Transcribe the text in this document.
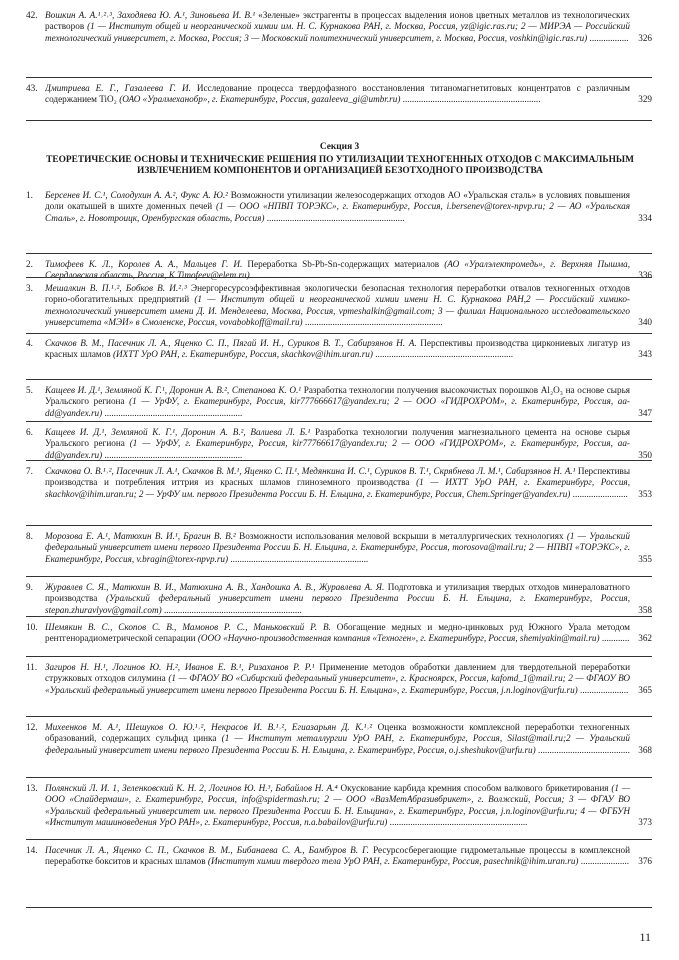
42. Вошкин А. А.¹˒²˒³, Заходяева Ю. А.¹, Зиновьева И. В.¹ «Зеленые» экстрагенты в процессах выделения ионов цветных металлов из технологических растворов (1 — Институт общей и неорганической химии им. Н. С. Курнакова РАН, г. Москва, Россия, yz@igic.ras.ru; 2 — МИРЭА — Российский технологический университет, г. Москва, Россия; 3 — Московский политехнический университет, г. Москва, Россия, voshkin@igic.ras.ru) .................	326
43. Дмитриева Е. Г., Газалеева Г. И. Исследование процесса твердофазного восстановления титаномагнетитовых концентратов с различным содержанием TiO₂ (ОАО «Уралмеханобр», г. Екатеринбург, Россия, gazaleeva_gi@umbr.ru) ............................................................	329
Секция 3
ТЕОРЕТИЧЕСКИЕ ОСНОВЫ И ТЕХНИЧЕСКИЕ РЕШЕНИЯ ПО УТИЛИЗАЦИИ ТЕХНОГЕННЫХ ОТХОДОВ С МАКСИМАЛЬНЫМ ИЗВЛЕЧЕНИЕМ КОМПОНЕНТОВ И ОРГАНИЗАЦИЕЙ БЕЗОТХОДНОГО ПРОИЗВОДСТВА
1.	Берсенев И. С.¹, Солодухин А. А.², Фукс А. Ю.² Возможности утилизации железосодержащих отходов АО «Уральская сталь» в условиях повышения доли окатышей в шихте доменных печей (1 — ООО «НПВП ТОРЭКС», г. Екатеринбург, Россия, i.bersenev@torex-npvp.ru; 2 — АО «Уральская Сталь», г. Новотроицк, Оренбургская область, Россия) ............................................................	334
2.	Тимофеев К. Л., Королев А. А., Мальцев Г. И. Переработка Sb-Pb-Sn-содержащих материалов (АО «Уралэлектромедь», г. Верхняя Пышма, Свердловская область, Россия, K.Timofeev@elem.ru) ............................................................	336
3.	Мешалкин В. П.¹˒², Бобков В. И.²˒³ Энергоресурсоэффективная экологически безопасная технология переработки отвалов техногенных отходов горно-обогатительных предприятий (1 — Институт общей и неорганической химии имени Н. С. Курнакова РАН,2 — Российский химико-технологический университет имени Д. И. Менделеева, Москва, Россия, vpmeshalkin@gmail.com; 3 — филиал Национального исследовательского университета «МЭИ» в Смоленске, Россия, vovabobkoff@mail.ru) ............................................................	340
4.	Скачков В. М., Пасечник Л. А., Яценко С. П., Пягай И. Н., Суриков В. Т., Сабирзянов Н. А. Перспективы производства циркониевых лигатур из красных шламов (ИХТТ УрО РАН, г. Екатеринбург, Россия, skachkov@ihim.uran.ru) ............................................................	343
5.	Кащеев И. Д.¹, Земляной К. Г.¹, Доронин А. В.², Степанова К. О.¹ Разработка технологии получения высокочистых порошков Al₂O₃ на основе сырья Уральского региона (1 — УрФУ, г. Екатеринбург, Россия, kir777666617@yandex.ru; 2 — ООО «ГИДРОХРОМ», г. Екатеринбург, Россия, aa-dd@yandex.ru) ............................................................	347
6.	Кащеев И. Д.¹, Земляной К. Г.¹, Доронин А. В.², Валиева Л. Б.¹ Разработка технологии получения магнезиального цемента на основе сырья Уральского региона (1 — УрФУ, г. Екатеринбург, Россия, kir77766617@yandex.ru; 2 — ООО «ГИДРОХРОМ», г. Екатеринбург, Россия, aa-dd@yandex.ru) ............................................................	350
7.	Скачкова О. В.¹˒², Пасечник Л. А.¹, Скачков В. М.¹, Яценко С. П.¹, Медянкина И. С.¹, Суриков В. Т.¹, Скрябнева Л. М.¹, Сабирзянов Н. А.¹ Перспективы производства и потребления иттрия из красных шламов глиноземного производства (1 — ИХТТ УрО РАН, г. Екатеринбург, Россия, skachkov@ihim.uran.ru; 2 — УрФУ им. первого Президента России Б. Н. Ельцина, г. Екатеринбург, Россия, Chem.Springer@yandex.ru) ........................	353
8.	Морозова Е. А.¹, Матюхин В. И.¹, Брагин В. В.² Возможности использования меловой вскрыши в металлургических технологиях (1 — Уральский федеральный университет имени первого Президента России Б. Н. Ельцина, г. Екатеринбург, Россия, morosova@mail.ru; 2 — НПВП «ТОРЭКС», г. Екатеринбург, Россия, v.bragin@torex-npvp.ru) ............................................................	355
9.	Журавлев С. Я., Матюхин В. И., Матюхина А. В., Хандошка А. В., Журавлева А. Я. Подготовка и утилизация твердых отходов минераловатного производства (Уральский федеральный университет имени первого Президента России Б. Н. Ельцина, г. Екатеринбург, Россия, stepan.zhuravlyov@gmail.com) ............................................................	358
10. Шемякин В. С., Скопов С. В., Мамонов Р. С., Маньковский Р. В. Обогащение медных и медно-цинковых руд Южного Урала методом рентгенорадиометрической сепарации (ООО «Научно-производственная компания «Техноген», г. Екатеринбург, Россия, shemiyakin@mail.ru) ............ 362
11. Загиров Н. Н.¹, Логинов Ю. Н.², Иванов Е. В.¹, Ризаханов Р. Р.¹ Применение методов обработки давлением для твердотельной переработки стружковых отходов силумина (1 — ФГАОУ ВО «Сибирский федеральный университет», г. Красноярск, Россия, kafomd_1@mail.ru; 2 — ФГАОУ ВО «Уральский федеральный университет имени первого Президента России Б. Н. Ельцина», г. Екатеринбург, Россия, j.n.loginov@urfu.ru) .....................	365
12. Михеенков М. А.¹, Шешуков О. Ю.¹˒², Некрасов И. В.¹˒², Егиазарьян Д. К.¹˒² Оценка возможности комплексной переработки техногенных образований, содержащих сульфид цинка (1 — Институт металлургии УрО РАН, г. Екатеринбург, Россия, Silast@mail.ru;2 — Уральский федеральный университет имени первого Президента России Б. Н. Ельцина, г. Екатеринбург, Россия, o.j.sheshukov@urfu.ru) ........................................ 368
13. Полянский Л. И. 1, Зеленковский К. Н. 2, Логинов Ю. Н.³, Бабайлов Н. А.⁴ Окускование карбида кремния способом валкового брикетирования (1 — ООО «Спайдермаш», г. Екатеринбург, Россия, info@spidermash.ru; 2 — ООО «ВазМетАбразивбрикет», г. Волжский, Россия; 3 — ФГАУ ВО «Уральский федеральный университет им. первого Президента России Б. Н. Ельцина», г. Екатеринбург, Россия, j.n.loginov@urfu.ru; 4 — ФГБУН «Институт машиноведения УрО РАН», г. Екатеринбург, Россия, n.a.babailov@urfu.ru) ............................................................	373
14. Пасечник Л. А., Яценко С. П., Скачков В. М., Бибанаева С. А., Бамбуров В. Г. Ресурсосберегающие гидрометальные процессы в комплексной переработке бокситов и красных шламов (Институт химии твердого тела УрО РАН, г. Екатеринбург, Россия, pasechnik@ihim.uran.ru) ..................... 376
11
